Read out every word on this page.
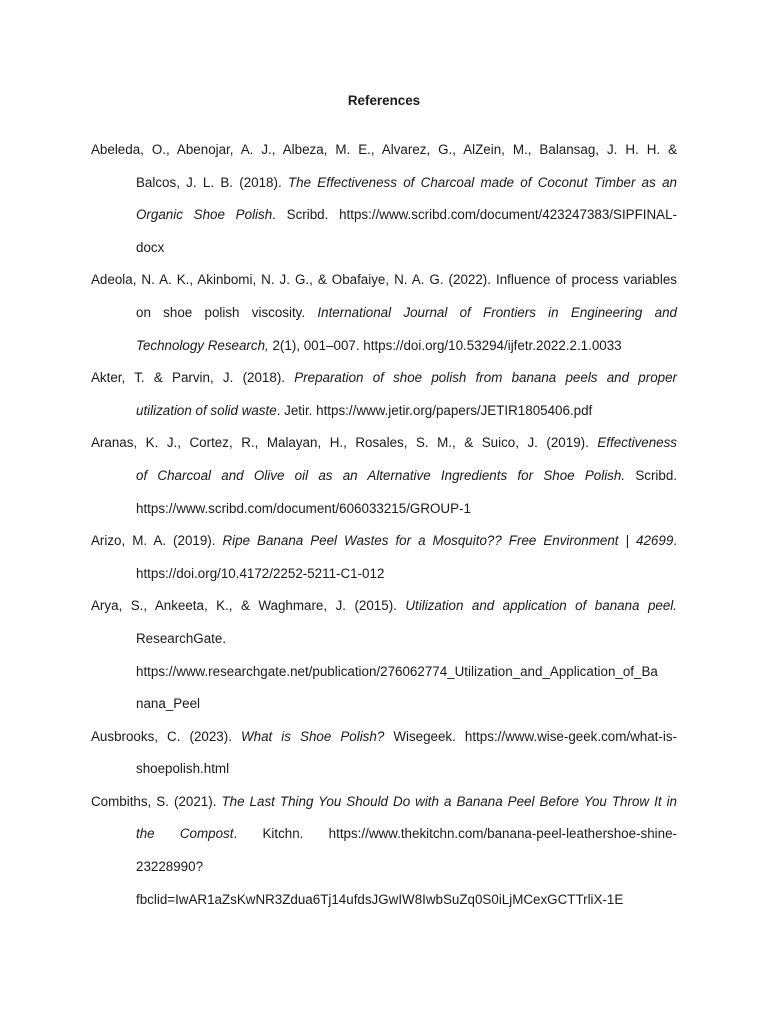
References
Abeleda, O., Abenojar, A. J., Albeza, M. E., Alvarez, G., AlZein, M., Balansag, J. H. H. &
Balcos, J. L. B. (2018). The Effectiveness of Charcoal made of Coconut Timber as an
Organic Shoe Polish. Scribd. https://www.scribd.com/document/423247383/SIPFINAL-
docx
Adeola, N. A. K., Akinbomi, N. J. G., & Obafaiye, N. A. G. (2022). Influence of process variables
on shoe polish viscosity. International Journal of Frontiers in Engineering and
Technology Research, 2(1), 001–007. https://doi.org/10.53294/ijfetr.2022.2.1.0033
Akter, T. & Parvin, J. (2018). Preparation of shoe polish from banana peels and proper
utilization of solid waste. Jetir. https://www.jetir.org/papers/JETIR1805406.pdf
Aranas, K. J., Cortez, R., Malayan, H., Rosales, S. M., & Suico, J. (2019). Effectiveness
of Charcoal and Olive oil as an Alternative Ingredients for Shoe Polish. Scribd.
https://www.scribd.com/document/606033215/GROUP-1
Arizo, M. A. (2019). Ripe Banana Peel Wastes for a Mosquito?? Free Environment | 42699.
https://doi.org/10.4172/2252-5211-C1-012
Arya, S., Ankeeta, K., & Waghmare, J. (2015). Utilization and application of banana peel.
ResearchGate.
https://www.researchgate.net/publication/276062774_Utilization_and_Application_of_Ba
nana_Peel
Ausbrooks, C. (2023). What is Shoe Polish? Wisegeek. https://www.wise-geek.com/what-is-
shoepolish.html
Combiths, S. (2021). The Last Thing You Should Do with a Banana Peel Before You Throw It in
the Compost. Kitchn. https://www.thekitchn.com/banana-peel-leathershoe-shine-
23228990?
fbclid=IwAR1aZsKwNR3Zdua6Tj14ufdsJGwIW8IwbSuZq0S0iLjMCexGCTTrliX-1E
